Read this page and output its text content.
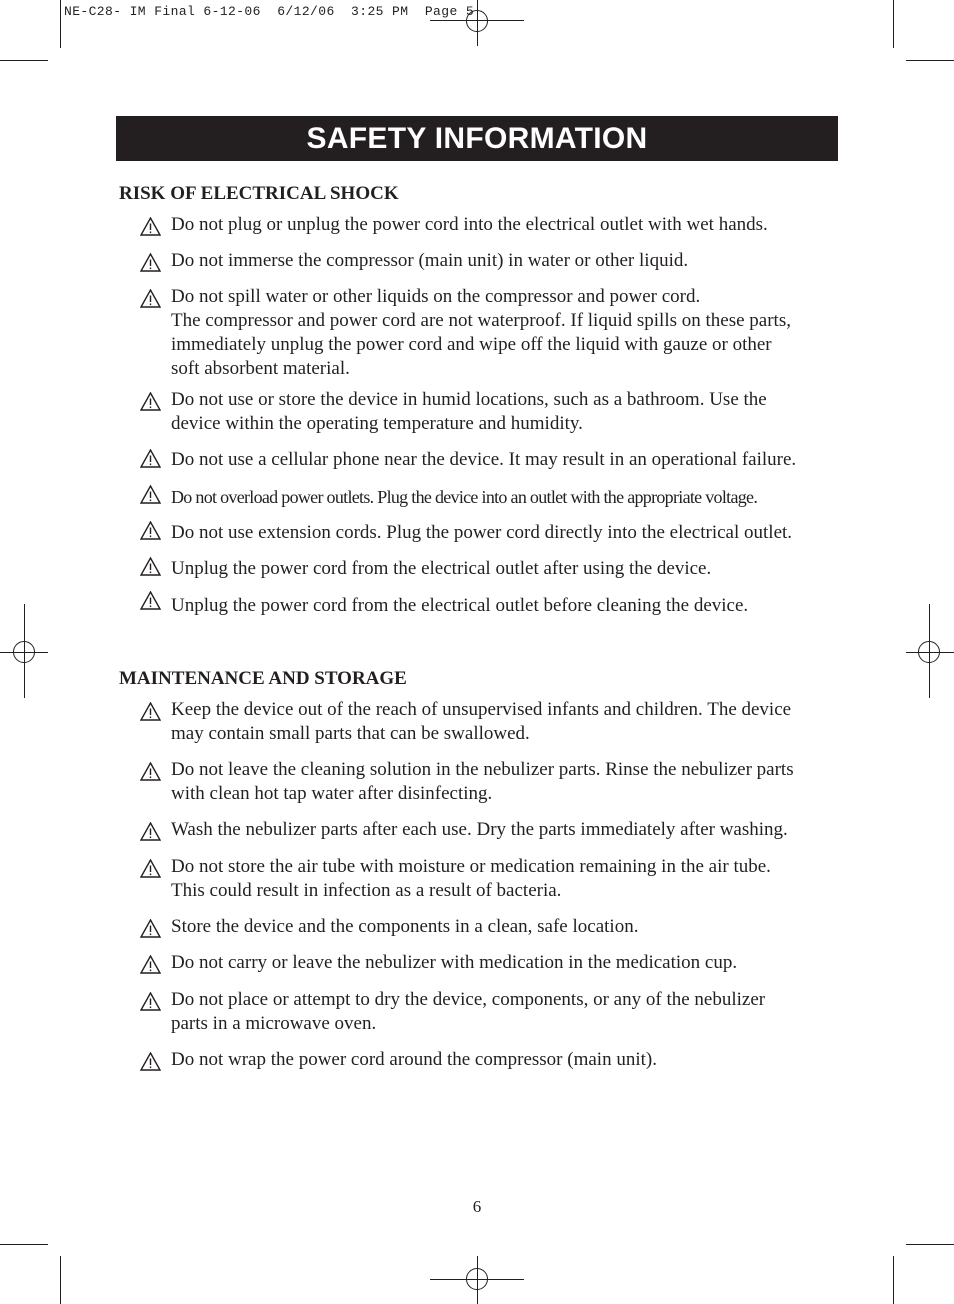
NE-C28- IM Final 6-12-06  6/12/06  3:25 PM  Page 5
SAFETY INFORMATION
RISK OF ELECTRICAL SHOCK
Do not plug or unplug the power cord into the electrical outlet with wet hands.
Do not immerse the compressor (main unit) in water or other liquid.
Do not spill water or other liquids on the compressor and power cord.
The compressor and power cord are not waterproof. If liquid spills on these parts,
immediately unplug the power cord and wipe off the liquid with gauze or other
soft absorbent material.
Do not use or store the device in humid locations, such as a bathroom. Use the
device within the operating temperature and humidity.
Do not use a cellular phone near the device. It may result in an operational failure.
Do not overload power outlets. Plug the device into an outlet with the appropriate voltage.
Do not use extension cords. Plug the power cord directly into the electrical outlet.
Unplug the power cord from the electrical outlet after using the device.
Unplug the power cord from the electrical outlet before cleaning the device.
MAINTENANCE AND STORAGE
Keep the device out of the reach of unsupervised infants and children. The device
may contain small parts that can be swallowed.
Do not leave the cleaning solution in the nebulizer parts. Rinse the nebulizer parts
with clean hot tap water after disinfecting.
Wash the nebulizer parts after each use. Dry the parts immediately after washing.
Do not store the air tube with moisture or medication remaining in the air tube.
This could result in infection as a result of bacteria.
Store the device and the components in a clean, safe location.
Do not carry or leave the nebulizer with medication in the medication cup.
Do not place or attempt to dry the device, components, or any of the nebulizer
parts in a microwave oven.
Do not wrap the power cord around the compressor (main unit).
6
